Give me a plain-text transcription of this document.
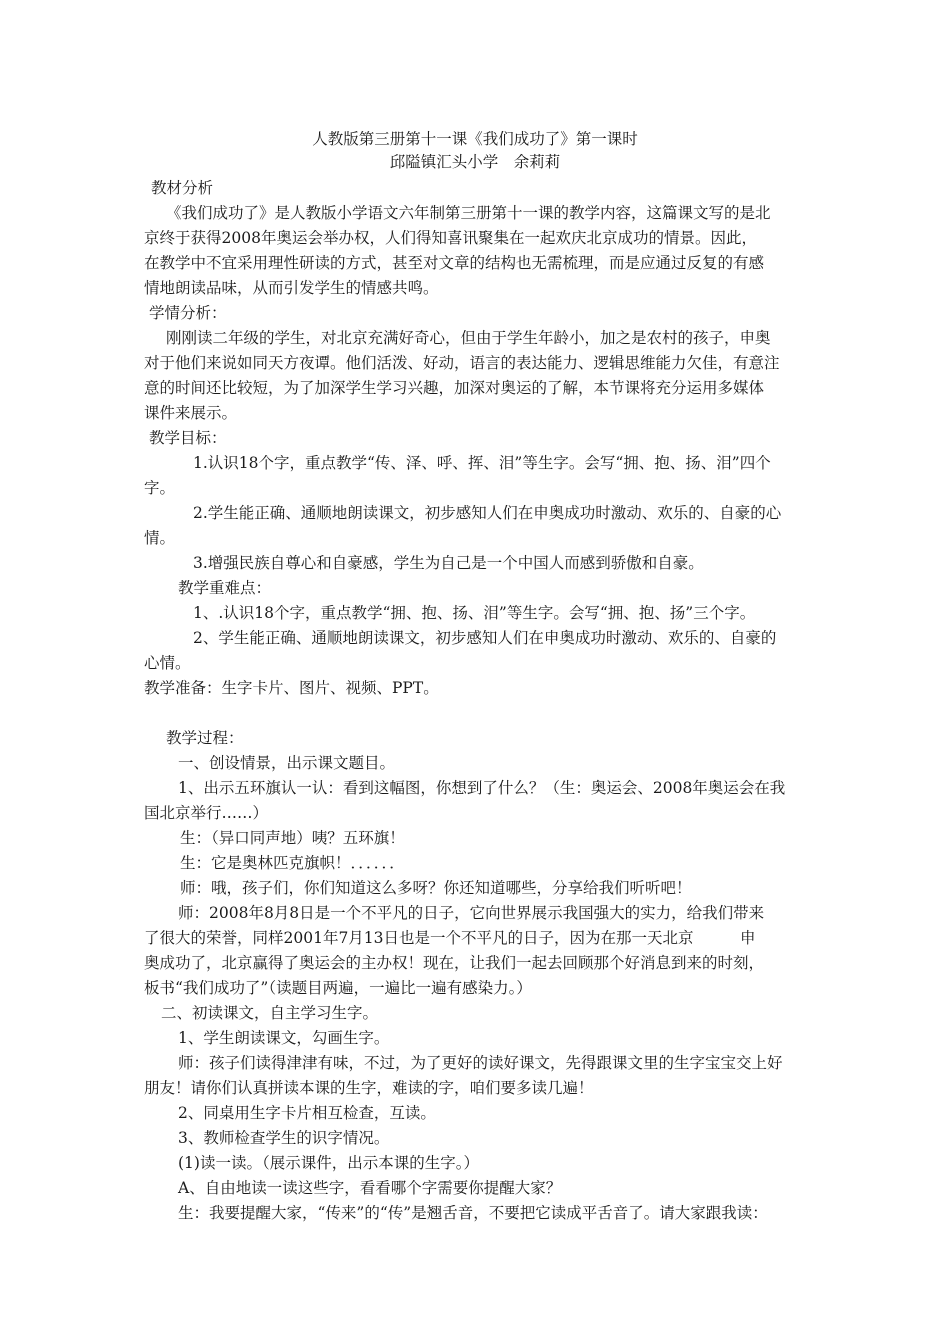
人教版第三册第十一课《我们成功了》第一课时
邱隘镇汇头小学　余莉莉
教材分析
《我们成功了》是人教版小学语文六年制第三册第十一课的教学内容，这篇课文写的是北
京终于获得2008年奥运会举办权，人们得知喜讯聚集在一起欢庆北京成功的情景。因此，
在教学中不宜采用理性研读的方式，甚至对文章的结构也无需梳理，而是应通过反复的有感
情地朗读品味，从而引发学生的情感共鸣。
学情分析：
刚刚读二年级的学生，对北京充满好奇心，但由于学生年龄小，加之是农村的孩子，申奥
对于他们来说如同天方夜谭。他们活泼、好动，语言的表达能力、逻辑思维能力欠佳，有意注
意的时间还比较短，为了加深学生学习兴趣，加深对奥运的了解，本节课将充分运用多媒体
课件来展示。
教学目标：
1.认识18个字，重点教学“传、泽、呼、挥、泪”等生字。会写“拥、抱、扬、泪”四个
字。
2.学生能正确、通顺地朗读课文，初步感知人们在申奥成功时激动、欢乐的、自豪的心
情。
3.增强民族自尊心和自豪感，学生为自己是一个中国人而感到骄傲和自豪。
教学重难点：
1、.认识18个字，重点教学“拥、抱、扬、泪”等生字。会写“拥、抱、扬”三个字。
2、学生能正确、通顺地朗读课文，初步感知人们在申奥成功时激动、欢乐的、自豪的
心情。
教学准备：生字卡片、图片、视频、PPT。
教学过程：
一、创设情景，出示课文题目。
1、出示五环旗认一认：看到这幅图，你想到了什么？（生：奥运会、2008年奥运会在我
国北京举行……）
生：（异口同声地）咦？五环旗！
生：它是奥林匹克旗帜！．．．．．．
师：哦，孩子们，你们知道这么多呀？你还知道哪些，分享给我们听听吧！
师：2008年8月8日是一个不平凡的日子，它向世界展示我国强大的实力，给我们带来
了很大的荣誉，同样2001年7月13日也是一个不平凡的日子，因为在那一天北京　　　申
奥成功了，北京赢得了奥运会的主办权！现在，让我们一起去回顾那个好消息到来的时刻，
板书“我们成功了”（读题目两遍，一遍比一遍有感染力。）
二、初读课文，自主学习生字。
1、学生朗读课文，勾画生字。
师：孩子们读得津津有味，不过，为了更好的读好课文，先得跟课文里的生字宝宝交上好
朋友！请你们认真拼读本课的生字，难读的字，咱们要多读几遍！
2、同桌用生字卡片相互检查，互读。
3、教师检查学生的识字情况。
(1)读一读。（展示课件，出示本课的生字。）
A、自由地读一读这些字，看看哪个字需要你提醒大家？
生：我要提醒大家，“传来”的“传”是翘舌音，不要把它读成平舌音了。请大家跟我读：
